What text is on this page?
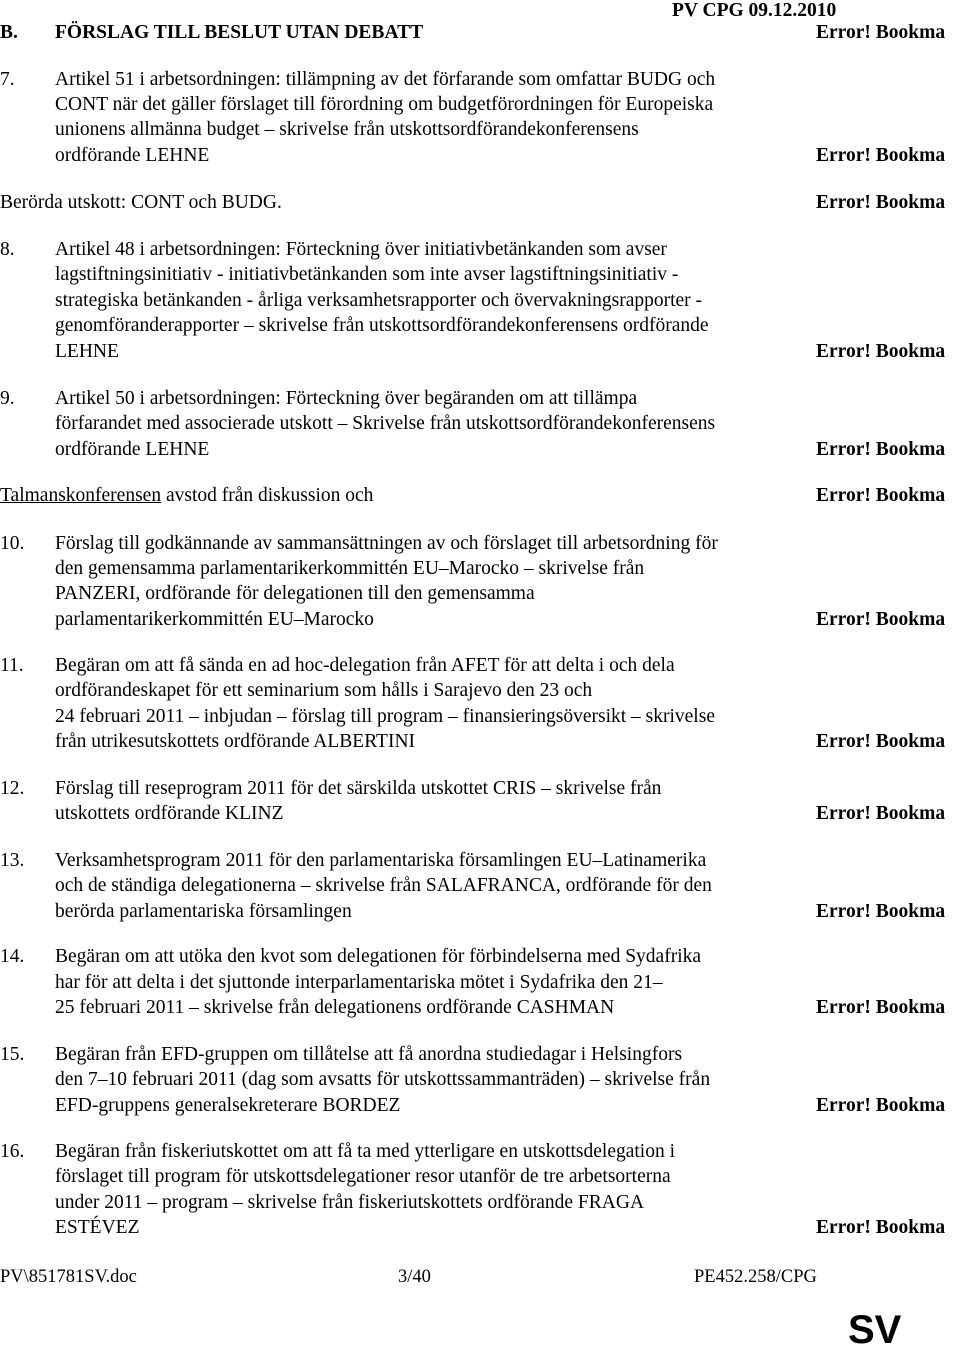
B. FÖRSLAG TILL BESLUT UTAN DEBATT
PV CPG 09.12.2010
Error! Bookma
7. Artikel 51 i arbetsordningen: tillämpning av det förfarande som omfattar BUDG och
CONT när det gäller förslaget till förordning om budgetförordningen för Europeiska
unionens allmänna budget – skrivelse från utskottsordförandekonferensens
ordförande LEHNE	Error! Bookma
Berörda utskott: CONT och BUDG.	Error! Bookma
8. Artikel 48 i arbetsordningen: Förteckning över initiativbetänkanden som avser
lagstiftningsinitiativ - initiativbetänkanden som inte avser lagstiftningsinitiativ -
strategiska betänkanden - årliga verksamhetsrapporter och övervakningsrapporter -
genomföranderapporter – skrivelse från utskottsordförandekonferensens ordförande
LEHNE	Error! Bookma
9. Artikel 50 i arbetsordningen: Förteckning över begäranden om att tillämpa
förfarandet med associerade utskott – Skrivelse från utskottsordförandekonferensens
ordförande LEHNE	Error! Bookma
Talmanskonferensen avstod från diskussion och	Error! Bookma
10. Förslag till godkännande av sammansättningen av och förslaget till arbetsordning för
den gemensamma parlamentarikerkommittén EU–Marocko – skrivelse från
PANZERI, ordförande för delegationen till den gemensamma
parlamentarikerkommittén EU–Marocko	Error! Bookma
11. Begäran om att få sända en ad hoc-delegation från AFET för att delta i och dela
ordförandeskapet för ett seminarium som hålls i Sarajevo den 23 och
24 februari 2011 – inbjudan – förslag till program – finansieringsöversikt – skrivelse
från utrikesutskottets ordförande ALBERTINI	Error! Bookma
12. Förslag till reseprogram 2011 för det särskilda utskottet CRIS – skrivelse från
utskottets ordförande KLINZ	Error! Bookma
13. Verksamhetsprogram 2011 för den parlamentariska församlingen EU–Latinamerika
och de ständiga delegationerna – skrivelse från SALAFRANCA, ordförande för den
berörda parlamentariska församlingen	Error! Bookma
14. Begäran om att utöka den kvot som delegationen för förbindelserna med Sydafrika
har för att delta i det sjuttonde interparlamentariska mötet i Sydafrika den 21–
25 februari 2011 – skrivelse från delegationens ordförande CASHMAN	Error! Bookma
15. Begäran från EFD-gruppen om tillåtelse att få anordna studiedagar i Helsingfors
den 7–10 februari 2011 (dag som avsatts för utskottssammanträden) – skrivelse från
EFD-gruppens generalsekreterare BORDEZ	Error! Bookma
16. Begäran från fiskeriutskottet om att få ta med ytterligare en utskottsdelegation i
förslaget till program för utskottsdelegationer resor utanför de tre arbetsorterna
under 2011 – program – skrivelse från fiskeriutskottets ordförande FRAGA
ESTÉVEZ	Error! Bookma
PV\851781SV.doc	3/40	PE452.258/CPG
SV
